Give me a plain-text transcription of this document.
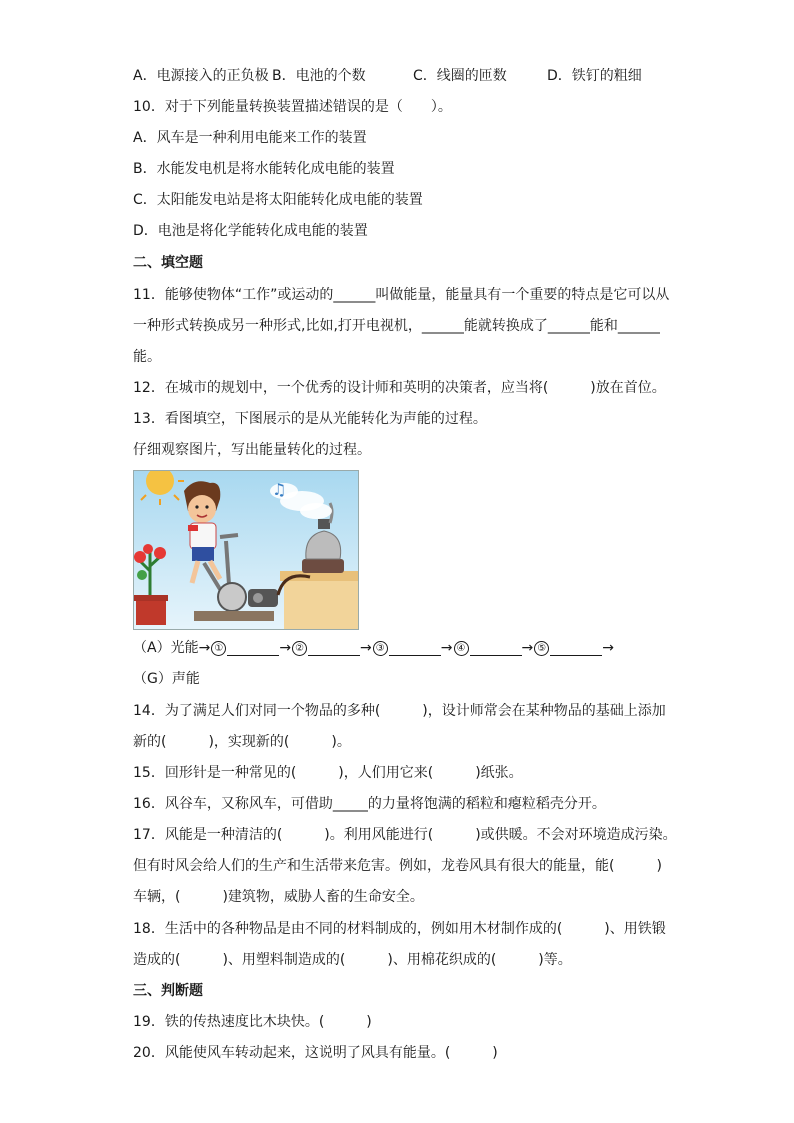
A．电源接入的正负极 B．电池的个数	C．线圈的匝数	D．铁钉的粗细
10．对于下列能量转换装置描述错误的是（　　）。
A．风车是一种利用电能来工作的装置
B．水能发电机是将水能转化成电能的装置
C．太阳能发电站是将太阳能转化成电能的装置
D．电池是将化学能转化成电能的装置
二、填空题
11．能够使物体“工作”或运动的______叫做能量，能量具有一个重要的特点是它可以从
一种形式转换成另一种形式,比如,打开电视机，______能就转换成了______能和______
能。
12．在城市的规划中，一个优秀的设计师和英明的决策者，应当将(　　　)放在首位。
13．看图填空，下图展示的是从光能转化为声能的过程。
仔细观察图片，写出能量转化的过程。
♫
（A）光能→ ①	→ ②	→ ③	→ ④	→ ⑤	→
（G）声能
14．为了满足人们对同一个物品的多种(　　　)，设计师常会在某种物品的基础上添加
新的(　　　)，实现新的(　　　)。
15．回形针是一种常见的(　　　)，人们用它来(　　　)纸张。
16．风谷车，又称风车，可借助_____的力量将饱满的稻粒和瘪粒稻壳分开。
17．风能是一种清洁的(　　　)。利用风能进行(　　　)或供暖。不会对环境造成污染。
但有时风会给人们的生产和生活带来危害。例如，龙卷风具有很大的能量，能(　　　)
车辆，(　　　)建筑物，威胁人畜的生命安全。
18．生活中的各种物品是由不同的材料制成的，例如用木材制作成的(　　　)、用铁锻
造成的(　　　)、用塑料制造成的(　　　)、用棉花织成的(　　　)等。
三、判断题
19．铁的传热速度比木块快。(　　　)
20．风能使风车转动起来，这说明了风具有能量。(　　　)
